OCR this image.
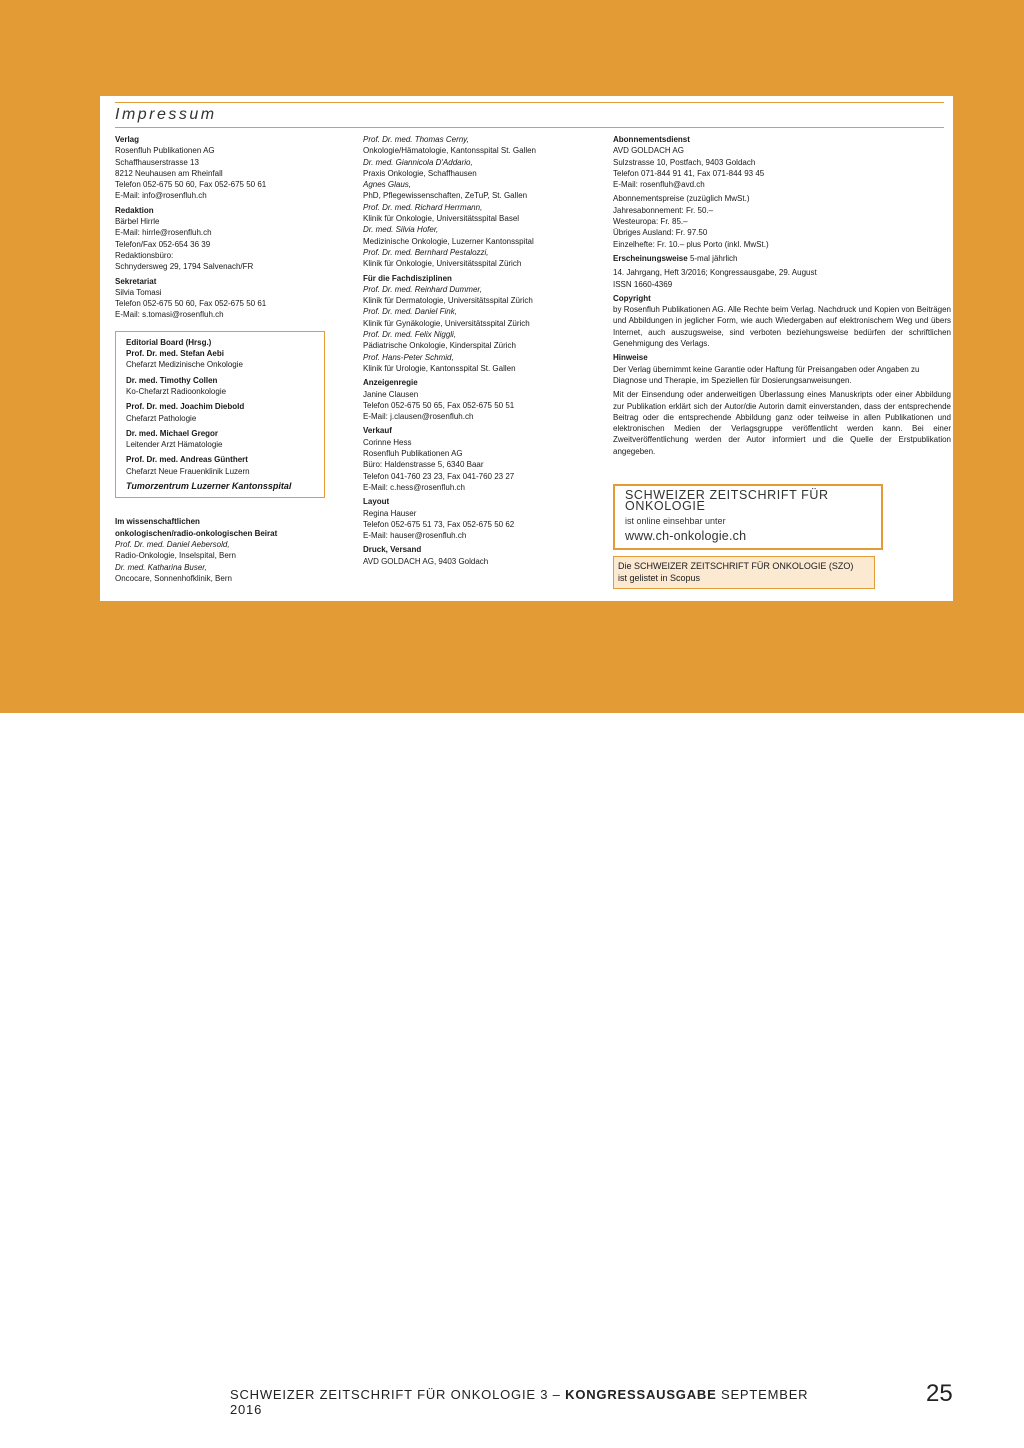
Impressum
Verlag
Rosenfluh Publikationen AG
Schaffhauserstrasse 13
8212 Neuhausen am Rheinfall
Telefon 052-675 50 60, Fax 052-675 50 61
E-Mail: info@rosenfluh.ch
Redaktion
Bärbel Hirrle
E-Mail: hirrle@rosenfluh.ch
Telefon/Fax 052-654 36 39
Redaktionsbüro:
Schnydersweg 29, 1794 Salvenach/FR
Sekretariat
Silvia Tomasi
Telefon 052-675 50 60, Fax 052-675 50 61
E-Mail: s.tomasi@rosenfluh.ch
Editorial Board (Hrsg.)
Prof. Dr. med. Stefan Aebi
Chefarzt Medizinische Onkologie
Dr. med. Timothy Collen
Ko-Chefarzt Radioonkologie
Prof. Dr. med. Joachim Diebold
Chefarzt Pathologie
Dr. med. Michael Gregor
Leitender Arzt Hämatologie
Prof. Dr. med. Andreas Günthert
Chefarzt Neue Frauenklinik Luzern
Tumorzentrum Luzerner Kantonsspital
Im wissenschaftlichen
onkologischen/radio-onkologischen Beirat
Prof. Dr. med. Daniel Aebersold,
Radio-Onkologie, Inselspital, Bern
Dr. med. Katharina Buser,
Oncocare, Sonnenhofklinik, Bern
Prof. Dr. med. Thomas Cerny,
Onkologie/Hämatologie, Kantonsspital St. Gallen
Dr. med. Giannicola D'Addario,
Praxis Onkologie, Schaffhausen
Agnes Glaus,
PhD, Pflegewissenschaften, ZeTuP, St. Gallen
Prof. Dr. med. Richard Herrmann,
Klinik für Onkologie, Universitätsspital Basel
Dr. med. Silvia Hofer,
Medizinische Onkologie, Luzerner Kantonsspital
Prof. Dr. med. Bernhard Pestalozzi,
Klinik für Onkologie, Universitätsspital Zürich
Für die Fachdisziplinen
Prof. Dr. med. Reinhard Dummer,
Klinik für Dermatologie, Universitätsspital Zürich
Prof. Dr. med. Daniel Fink,
Klinik für Gynäkologie, Universitätsspital Zürich
Prof. Dr. med. Felix Niggli,
Pädiatrische Onkologie, Kinderspital Zürich
Prof. Hans-Peter Schmid,
Klinik für Urologie, Kantonsspital St. Gallen
Anzeigenregie
Janine Clausen
Telefon 052-675 50 65, Fax 052-675 50 51
E-Mail: j.clausen@rosenfluh.ch
Verkauf
Corinne Hess
Rosenfluh Publikationen AG
Büro: Haldenstrasse 5, 6340 Baar
Telefon 041-760 23 23, Fax 041-760 23 27
E-Mail: c.hess@rosenfluh.ch
Layout
Regina Hauser
Telefon 052-675 51 73, Fax 052-675 50 62
E-Mail: hauser@rosenfluh.ch
Druck, Versand
AVD GOLDACH AG, 9403 Goldach
Abonnementsdienst
AVD GOLDACH AG
Sulzstrasse 10, Postfach, 9403 Goldach
Telefon 071-844 91 41, Fax 071-844 93 45
E-Mail: rosenfluh@avd.ch
Abonnementspreise (zuzüglich MwSt.)
Jahresabonnement: Fr. 50.–
Westeuropa: Fr. 85.–
Übriges Ausland: Fr. 97.50
Einzelhefte: Fr. 10.– plus Porto (inkl. MwSt.)
Erscheinungsweise 5-mal jährlich
14. Jahrgang, Heft 3/2016; Kongressausgabe, 29. August
ISSN 1660-4369
Copyright
by Rosenfluh Publikationen AG. Alle Rechte beim Verlag. Nachdruck und Kopien von Beiträgen und Abbildungen in jeglicher Form, wie auch Wiedergaben auf elektronischem Weg und übers Internet, auch auszugsweise, sind verboten beziehungsweise bedürfen der schriftlichen Genehmigung des Verlags.
Hinweise
Der Verlag übernimmt keine Garantie oder Haftung für Preisangaben oder Angaben zu Diagnose und Therapie, im Speziellen für Dosierungsanweisungen.
Mit der Einsendung oder anderweitigen Überlassung eines Manuskripts oder einer Abbildung zur Publikation erklärt sich der Autor/die Autorin damit einverstanden, dass der entsprechende Beitrag oder die entsprechende Abbildung ganz oder teilweise in allen Publikationen und elektronischen Medien der Verlagsgruppe veröffentlicht werden kann. Bei einer Zweitveröffentlichung werden der Autor informiert und die Quelle der Erstpublikation angegeben.
SCHWEIZER ZEITSCHRIFT FÜR ONKOLOGIE
ist online einsehbar unter
www.ch-onkologie.ch
Die SCHWEIZER ZEITSCHRIFT FÜR ONKOLOGIE (SZO)
ist gelistet in Scopus
SCHWEIZER ZEITSCHRIFT FÜR ONKOLOGIE 3 – KONGRESSAUSGABE SEPTEMBER 2016
25
